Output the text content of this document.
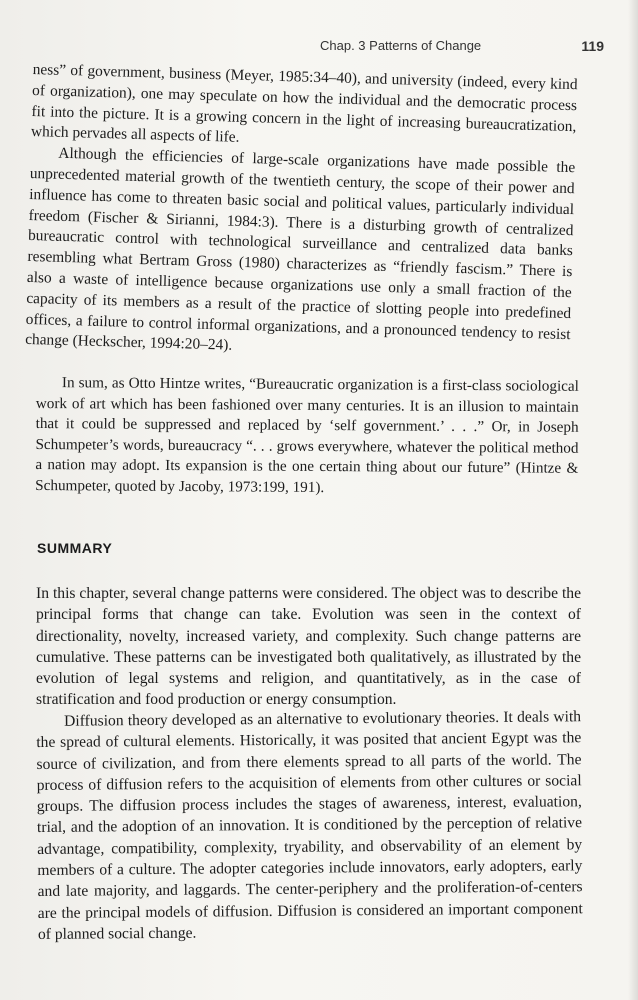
Chap. 3 Patterns of Change	119

ness” of government, business (Meyer, 1985:34–40), and university (indeed, every kind of organization), one may speculate on how the individual and the democratic process fit into the picture. It is a growing concern in the light of increasing bureaucratization, which pervades all aspects of life.

Although the efficiencies of large-scale organizations have made possible the unprecedented material growth of the twentieth century, the scope of their power and influence has come to threaten basic social and political values, particularly individual freedom (Fischer & Sirianni, 1984:3). There is a disturbing growth of centralized bureaucratic control with technological surveillance and centralized data banks resembling what Bertram Gross (1980) characterizes as “friendly fascism.” There is also a waste of intelligence because organizations use only a small fraction of the capacity of its members as a result of the practice of slotting people into predefined offices, a failure to control informal organizations, and a pronounced tendency to resist change (Heckscher, 1994:20–24).

In sum, as Otto Hintze writes, “Bureaucratic organization is a first-class sociological work of art which has been fashioned over many centuries. It is an illusion to maintain that it could be suppressed and replaced by ‘self government.’ . . .” Or, in Joseph Schumpeter’s words, bureaucracy “. . . grows everywhere, whatever the political method a nation may adopt. Its expansion is the one certain thing about our future” (Hintze & Schumpeter, quoted by Jacoby, 1973:199, 191).

SUMMARY

In this chapter, several change patterns were considered. The object was to describe the principal forms that change can take. Evolution was seen in the context of directionality, novelty, increased variety, and complexity. Such change patterns are cumulative. These patterns can be investigated both qualitatively, as illustrated by the evolution of legal systems and religion, and quantitatively, as in the case of stratification and food production or energy consumption.

Diffusion theory developed as an alternative to evolutionary theories. It deals with the spread of cultural elements. Historically, it was posited that ancient Egypt was the source of civilization, and from there elements spread to all parts of the world. The process of diffusion refers to the acquisition of elements from other cultures or social groups. The diffusion process includes the stages of awareness, interest, evaluation, trial, and the adoption of an innovation. It is conditioned by the perception of relative advantage, compatibility, complexity, tryability, and observability of an element by members of a culture. The adopter categories include innovators, early adopters, early and late majority, and laggards. The center-periphery and the proliferation-of-centers are the principal models of diffusion. Diffusion is considered an important component of planned social change.
